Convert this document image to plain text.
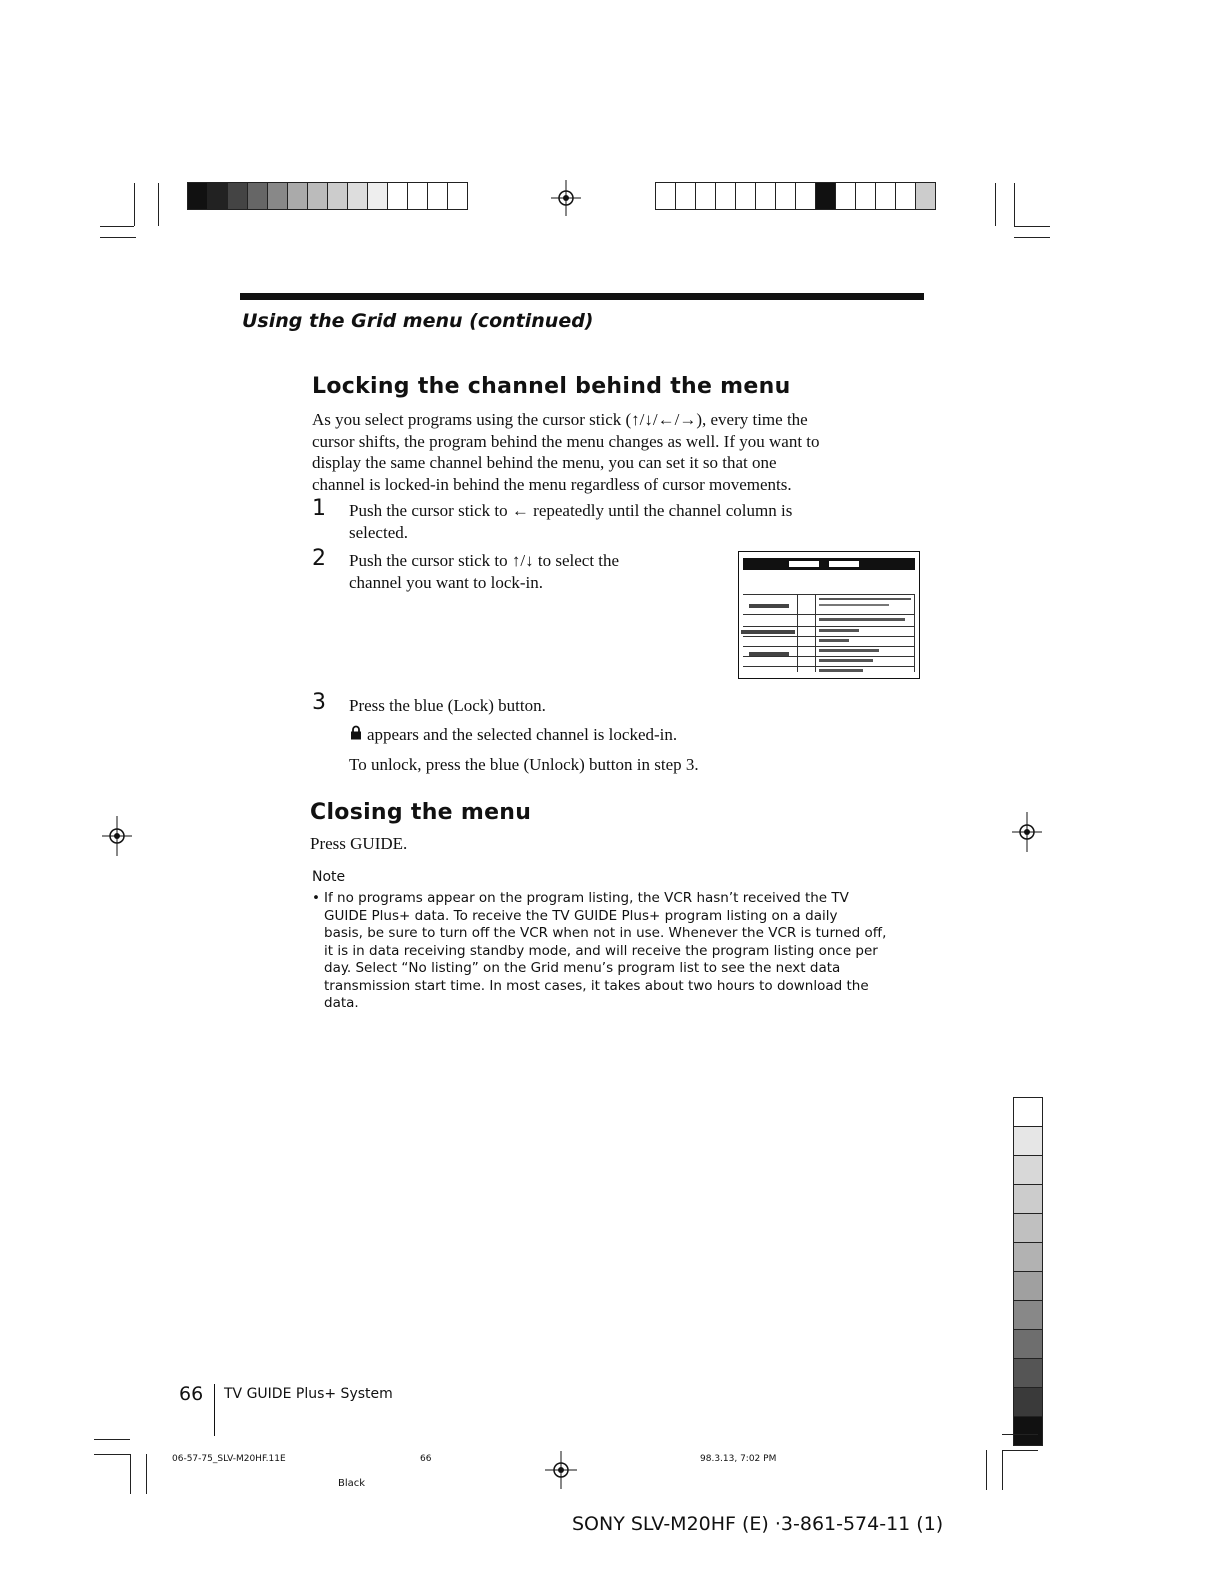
Using the Grid menu (continued)
Locking the channel behind the menu
As you select programs using the cursor stick (↑/↓/←/→), every time the
cursor shifts, the program behind the menu changes as well. If you want to
display the same channel behind the menu, you can set it so that one
channel is locked-in behind the menu regardless of cursor movements.
1 Push the cursor stick to ← repeatedly until the channel column is
selected.
2 Push the cursor stick to ↑/↓ to select the
channel you want to lock-in.
3 Press the blue (Lock) button.
appears and the selected channel is locked-in.
To unlock, press the blue (Unlock) button in step 3.
Closing the menu
Press GUIDE.
Note
• If no programs appear on the program listing, the VCR hasn’t received the TV
GUIDE Plus+ data. To receive the TV GUIDE Plus+ program listing on a daily
basis, be sure to turn off the VCR when not in use. Whenever the VCR is turned off,
it is in data receiving standby mode, and will receive the program listing once per
day. Select “No listing” on the Grid menu’s program list to see the next data
transmission start time. In most cases, it takes about two hours to download the
data.
66 TV GUIDE Plus+ System
06-57-75_SLV-M20HF.11E	66
Black
98.3.13, 7:02 PM
SONY SLV-M20HF (E) ·3-861-574-11 (1)
